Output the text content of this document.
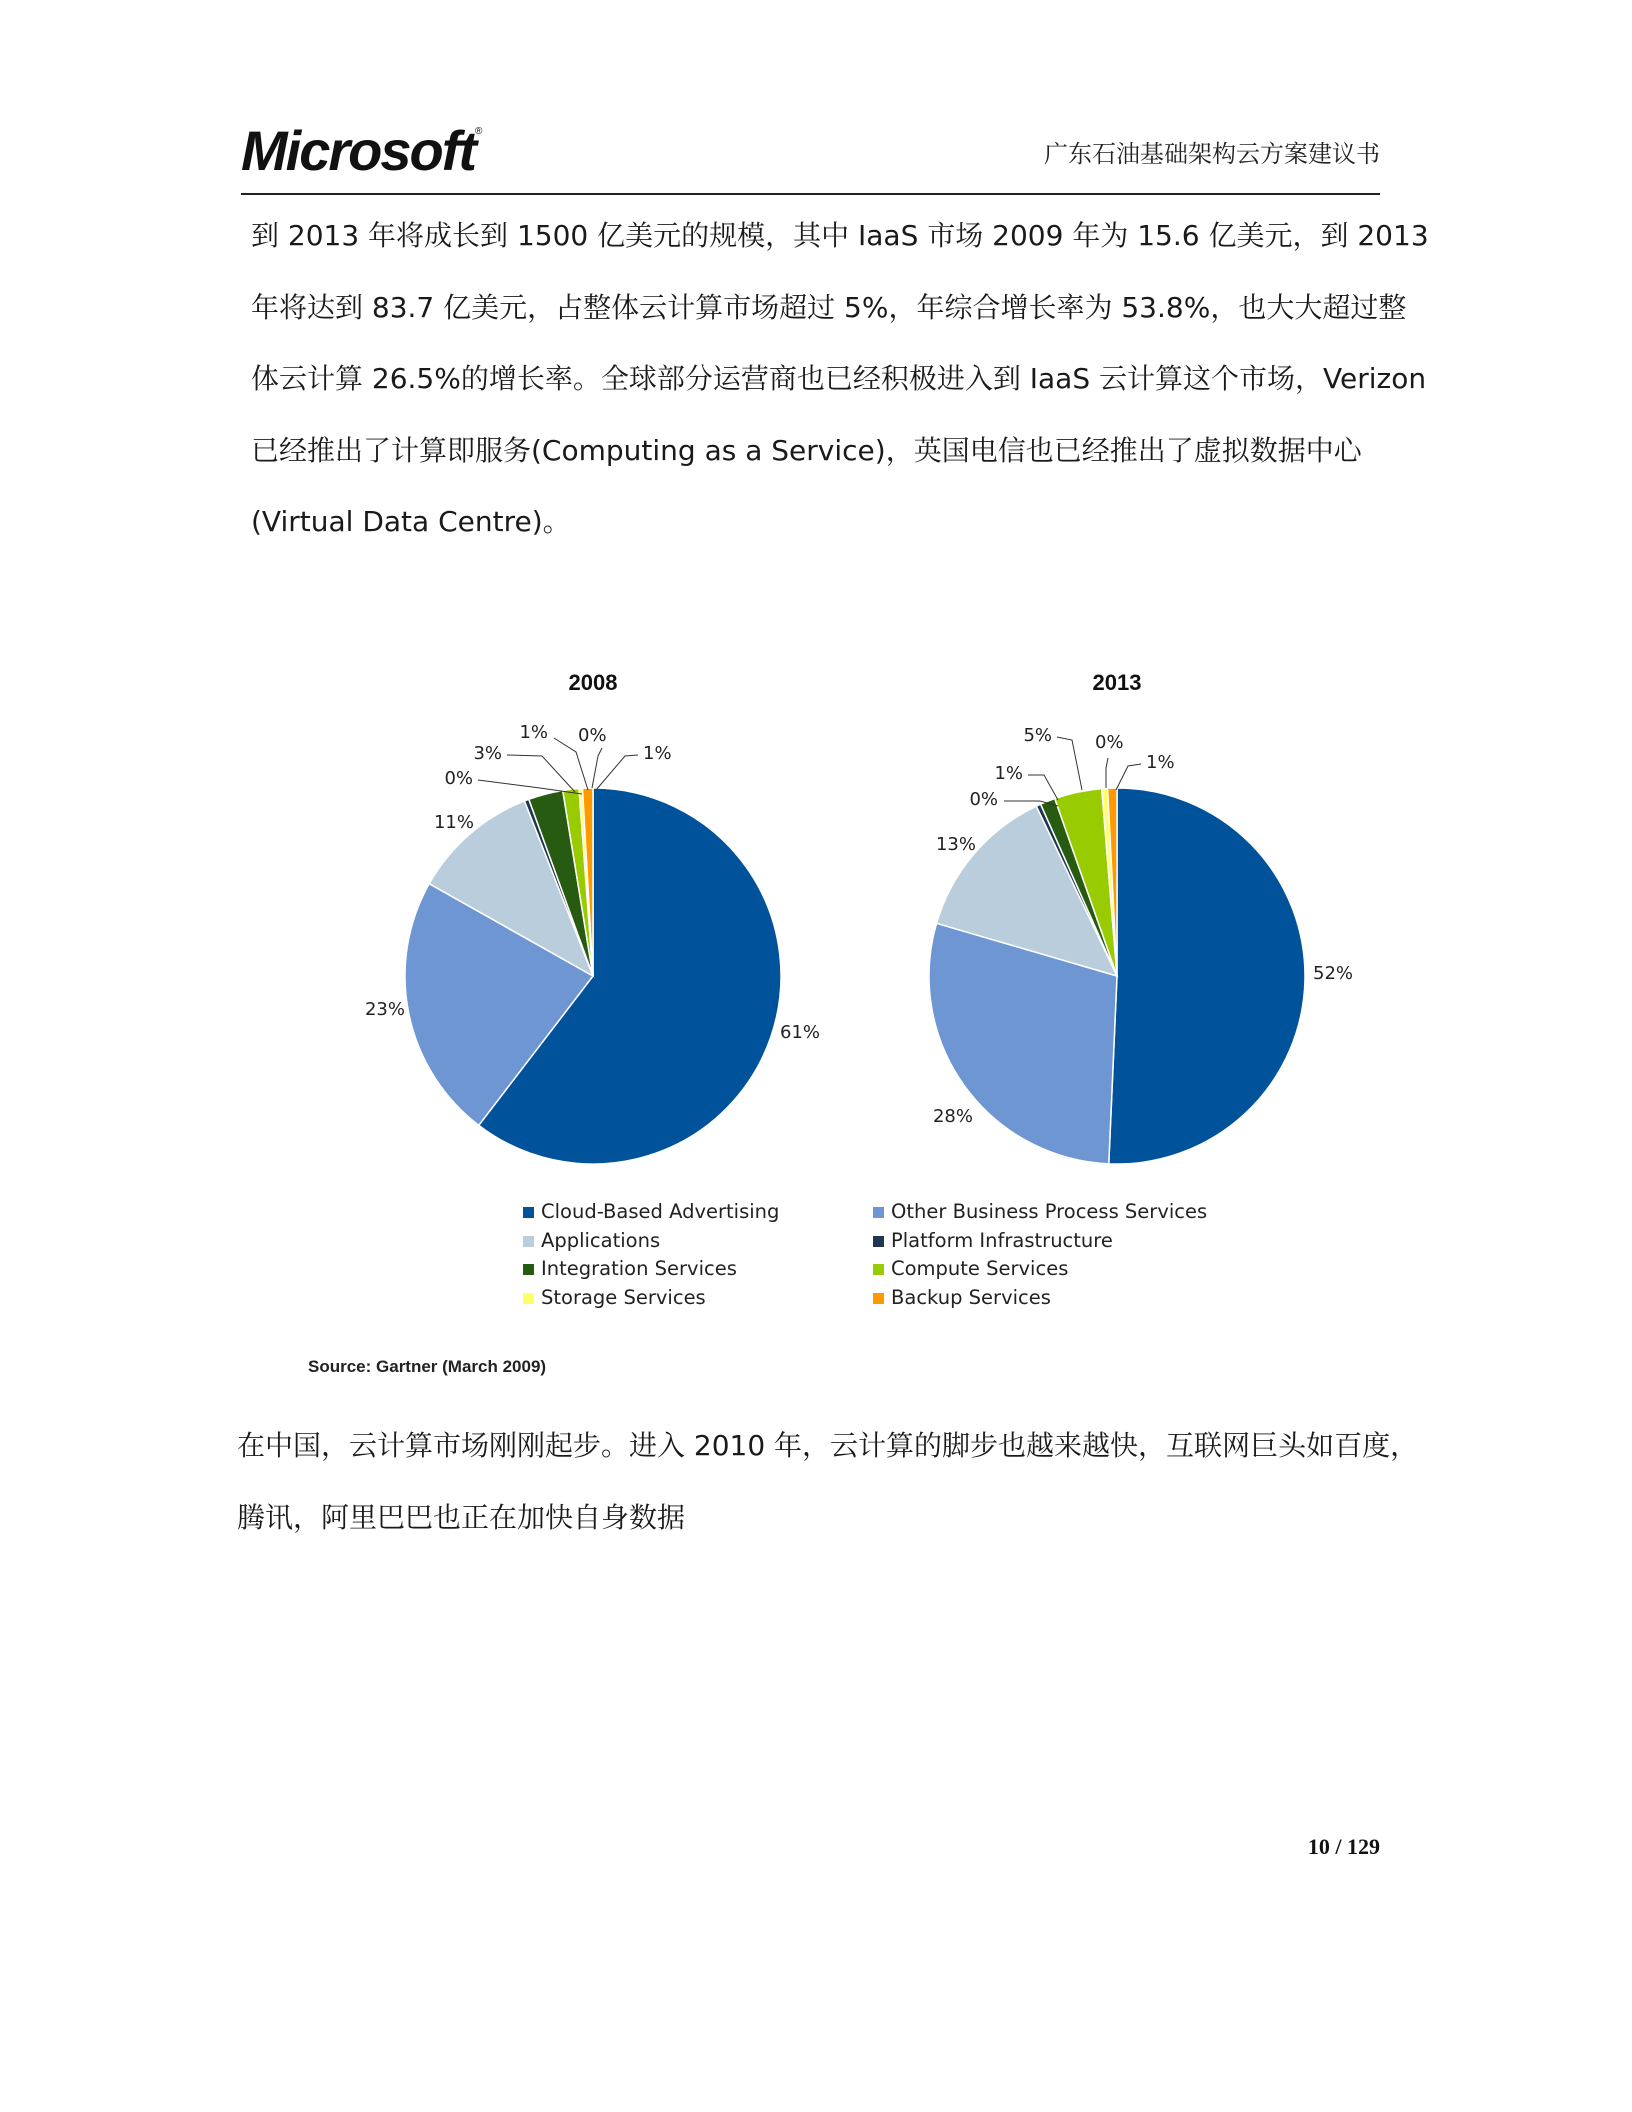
Microsoft®
广东石油基础架构云方案建议书
到 2013 年将成长到 1500 亿美元的规模，其中 IaaS 市场 2009 年为 15.6 亿美元，到 2013
年将达到 83.7 亿美元，占整体云计算市场超过 5%，年综合增长率为 53.8%，也大大超过整
体云计算 26.5%的增长率。全球部分运营商也已经积极进入到 IaaS 云计算这个市场，Verizon
已经推出了计算即服务(Computing as a Service)，英国电信也已经推出了虚拟数据中心
(Virtual Data Centre)。
2008
61%
23%
11%
0%
3%
1% 0%
1%
2013
52%
28%
13%
0%
1%
5% 0%
1%
Cloud-Based Advertising	Other Business Process Services
Applications	Platform Infrastructure
Integration Services	Compute Services
Storage Services	Backup Services
Source: Gartner (March 2009)
在中国，云计算市场刚刚起步。进入 2010 年，云计算的脚步也越来越快，互联网巨头如百度，
腾讯，阿里巴巴也正在加快自身数据
10 / 129
